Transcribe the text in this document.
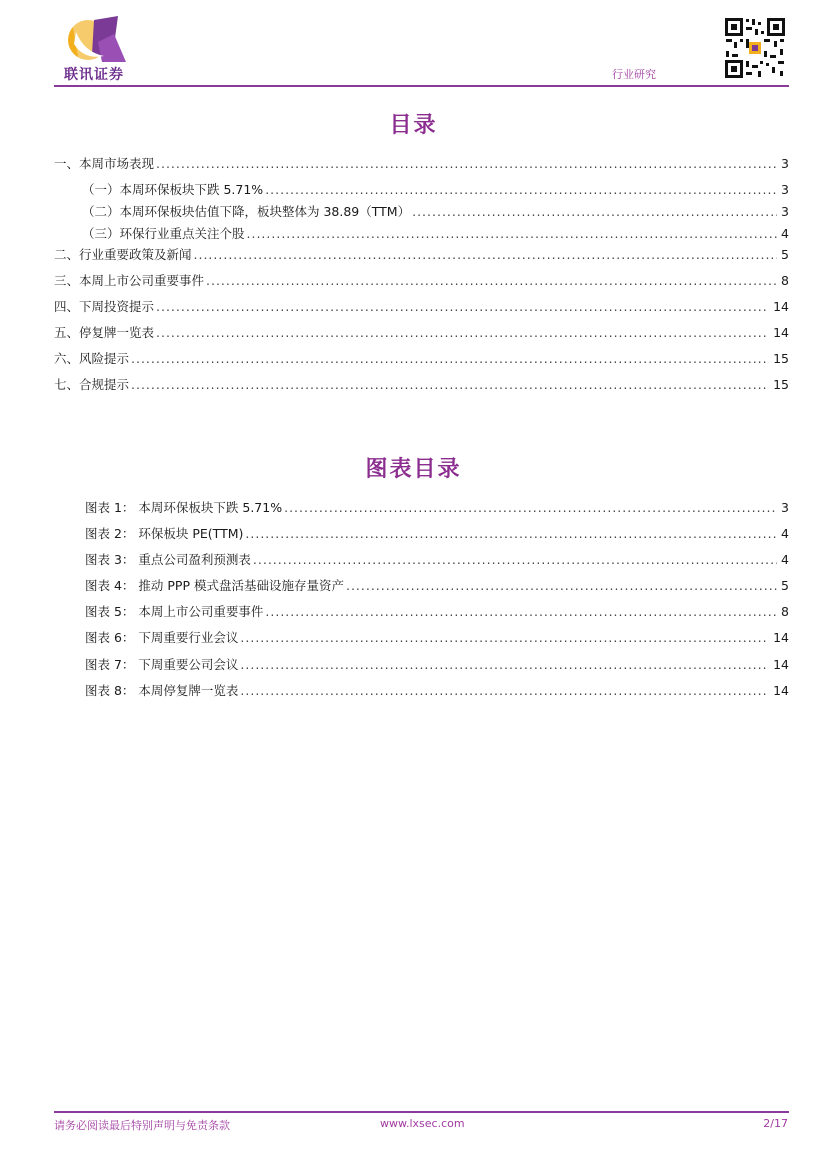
联讯证券	行业研究
目录
一、本周市场表现 .....	3
（一）本周环保板块下跌 5.71% .....	3
（二）本周环保板块估值下降，板块整体为 38.89（TTM） .....	3
（三）环保行业重点关注个股 .....	4
二、行业重要政策及新闻 .....	5
三、本周上市公司重要事件 .....	8
四、下周投资提示 .....	14
五、停复牌一览表 .....	14
六、风险提示 .....	15
七、合规提示 .....	15
图表目录
图表 1： 本周环保板块下跌 5.71% .....	3
图表 2： 环保板块 PE(TTM) .....	4
图表 3： 重点公司盈利预测表 .....	4
图表 4： 推动 PPP 模式盘活基础设施存量资产 .....	5
图表 5： 本周上市公司重要事件 .....	8
图表 6： 下周重要行业会议 .....	14
图表 7： 下周重要公司会议 .....	14
图表 8： 本周停复牌一览表 .....	14
请务必阅读最后特别声明与免责条款	www.lxsec.com	2/17
